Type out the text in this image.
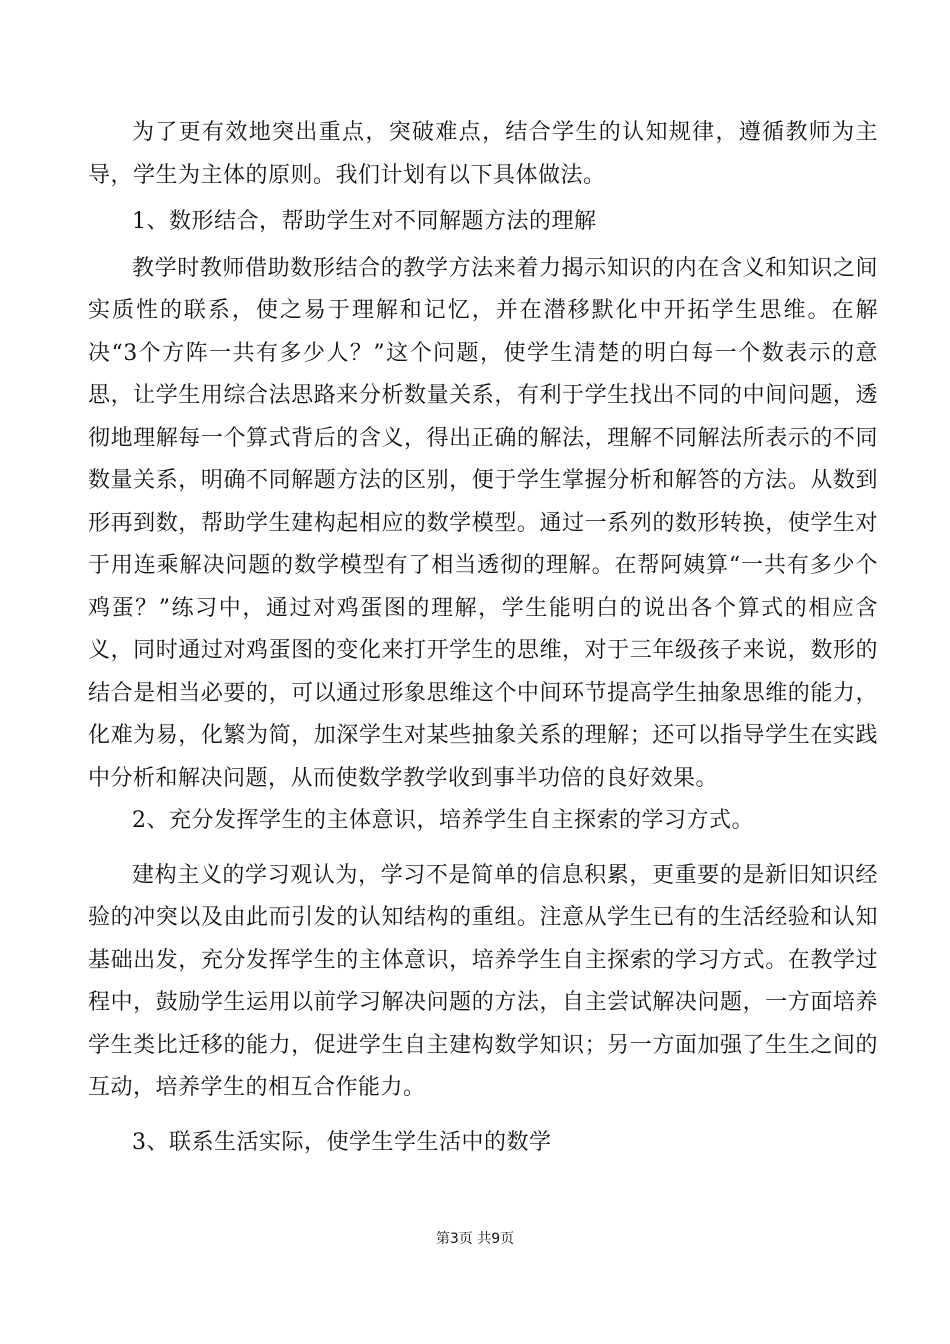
为了更有效地突出重点，突破难点，结合学生的认知规律，遵循教师为主导，学生为主体的原则。我们计划有以下具体做法。

1、数形结合，帮助学生对不同解题方法的理解

教学时教师借助数形结合的教学方法来着力揭示知识的内在含义和知识之间实质性的联系，使之易于理解和记忆，并在潜移默化中开拓学生思维。在解决“3个方阵一共有多少人？”这个问题，使学生清楚的明白每一个数表示的意思，让学生用综合法思路来分析数量关系，有利于学生找出不同的中间问题，透彻地理解每一个算式背后的含义，得出正确的解法，理解不同解法所表示的不同数量关系，明确不同解题方法的区别，便于学生掌握分析和解答的方法。从数到形再到数，帮助学生建构起相应的数学模型。通过一系列的数形转换，使学生对于用连乘解决问题的数学模型有了相当透彻的理解。在帮阿姨算“一共有多少个鸡蛋？”练习中，通过对鸡蛋图的理解，学生能明白的说出各个算式的相应含义，同时通过对鸡蛋图的变化来打开学生的思维，对于三年级孩子来说，数形的结合是相当必要的，可以通过形象思维这个中间环节提高学生抽象思维的能力，化难为易，化繁为简，加深学生对某些抽象关系的理解；还可以指导学生在实践中分析和解决问题，从而使数学教学收到事半功倍的良好效果。

2、充分发挥学生的主体意识，培养学生自主探索的学习方式。

建构主义的学习观认为，学习不是简单的信息积累，更重要的是新旧知识经验的冲突以及由此而引发的认知结构的重组。注意从学生已有的生活经验和认知基础出发，充分发挥学生的主体意识，培养学生自主探索的学习方式。在教学过程中，鼓励学生运用以前学习解决问题的方法，自主尝试解决问题，一方面培养学生类比迁移的能力，促进学生自主建构数学知识；另一方面加强了生生之间的互动，培养学生的相互合作能力。

3、联系生活实际，使学生学生活中的数学

第3页 共9页
